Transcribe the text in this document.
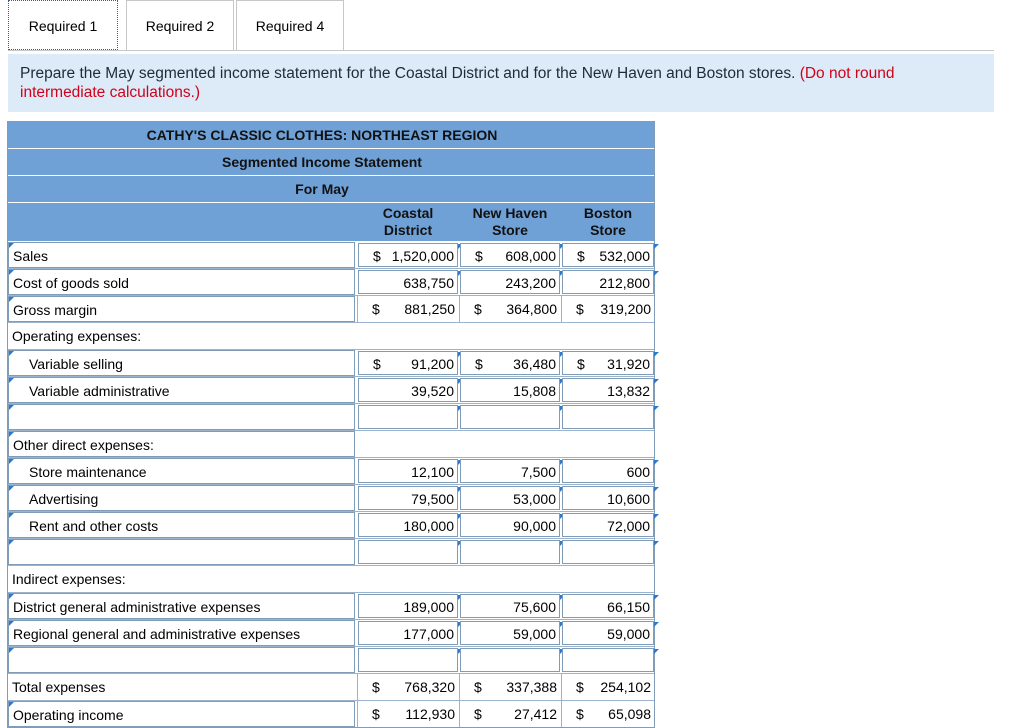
Required 1	Required 2	Required 4
Prepare the May segmented income statement for the Coastal District and for the New Haven and Boston stores. (Do not round intermediate calculations.)
CATHY'S CLASSIC CLOTHES: NORTHEAST REGION
Segmented Income Statement
For May
Coastal
District
New Haven
Store
Boston
Store
Sales	$ 1,520,000 $ 608,000 $ 532,000
Cost of goods sold	638,750	243,200	212,800
Gross margin	$ 881,250 $ 364,800 $ 319,200
Operating expenses:
Variable selling	$ 91,200 $ 36,480 $ 31,920
Variable administrative	39,520	15,808	13,832
Other direct expenses:
Store maintenance	12,100	7,500	600
Advertising	79,500	53,000	10,600
Rent and other costs	180,000	90,000	72,000
Indirect expenses:
District general administrative expenses	189,000	75,600	66,150
Regional general and administrative expenses	177,000	59,000	59,000
Total expenses	$ 768,320 $ 337,388 $ 254,102
Operating income	$ 112,930 $ 27,412 $ 65,098
